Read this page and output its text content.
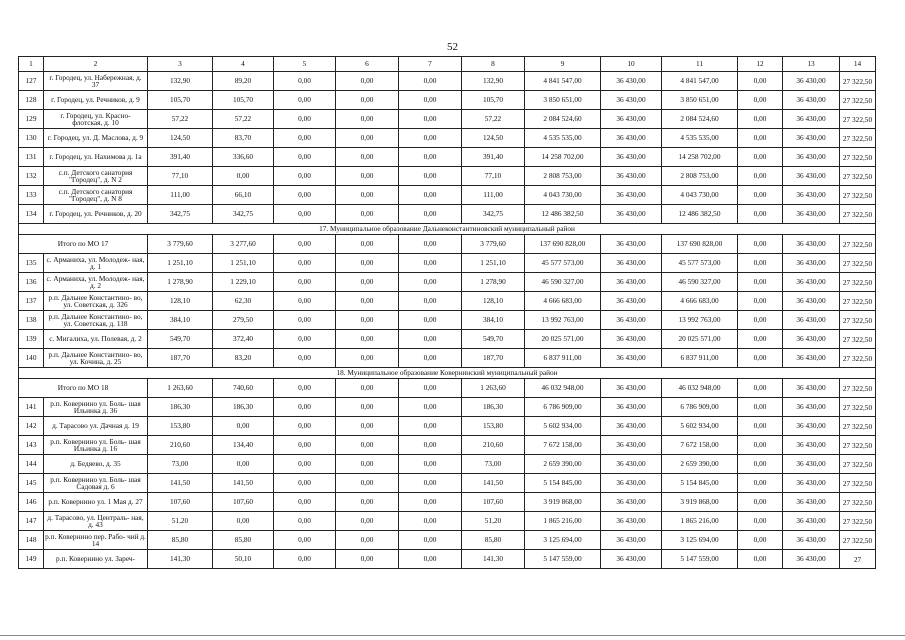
52
1	2	3	4	5	6	7	8	9	10	11	12	13	14
127	г. Городец, ул. Набережная, д. 37	132,90	89,20	0,00	0,00	0,00	132,90	4 841 547,00	36 430,00	4 841 547,00	0,00	36 430,00	27 322,50
128	г. Городец, ул. Речников, д. 9	105,70	105,70	0,00	0,00	0,00	105,70	3 850 651,00	36 430,00	3 850 651,00	0,00	36 430,00	27 322,50
129	г. Городец, ул. Красно- флотская, д. 10	57,22	57,22	0,00	0,00	0,00	57,22	2 084 524,60	36 430,00	2 084 524,60	0,00	36 430,00	27 322,50
130	г. Городец, ул. Д. Маслова, д. 9	124,50	83,70	0,00	0,00	0,00	124,50	4 535 535,00	36 430,00	4 535 535,00	0,00	36 430,00	27 322,50
131	г. Городец, ул. Нахимова д. 1а	391,40	336,60	0,00	0,00	0,00	391,40	14 258 702,00	36 430,00	14 258 702,00	0,00	36 430,00	27 322,50
132	с.п. Детского санатория "Городец", д. N 2	77,10	0,00	0,00	0,00	0,00	77,10	2 808 753,00	36 430,00	2 808 753,00	0,00	36 430,00	27 322,50
133	с.п. Детского санатория "Городец", д. N 8	111,00	66,10	0,00	0,00	0,00	111,00	4 043 730,00	36 430,00	4 043 730,00	0,00	36 430,00	27 322,50
134	г. Городец, ул. Речников, д. 20	342,75	342,75	0,00	0,00	0,00	342,75	12 486 382,50	36 430,00	12 486 382,50	0,00	36 430,00	27 322,50
17. Муниципальное образование Дальнеконстантиновский муниципальный район													
Итого по МО 17		3 779,60	3 277,60	0,00	0,00	0,00	3 779,60	137 690 828,00	36 430,00	137 690 828,00	0,00	36 430,00	27 322,50
135	с. Арманиха, ул. Молодеж- ная, д. 1	1 251,10	1 251,10	0,00	0,00	0,00	1 251,10	45 577 573,00	36 430,00	45 577 573,00	0,00	36 430,00	27 322,50
136	с. Арманиха, ул. Молодеж- ная, д. 2	1 278,90	1 229,10	0,00	0,00	0,00	1 278,90	46 590 327,00	36 430,00	46 590 327,00	0,00	36 430,00	27 322,50
137	р.п. Дальнее Константино- во, ул. Советская, д. 326	128,10	62,30	0,00	0,00	0,00	128,10	4 666 683,00	36 430,00	4 666 683,00	0,00	36 430,00	27 322,50
138	р.п. Дальнее Константино- во, ул. Советская, д. 118	384,10	279,50	0,00	0,00	0,00	384,10	13 992 763,00	36 430,00	13 992 763,00	0,00	36 430,00	27 322,50
139	с. Мигалиха, ул. Полевая, д. 2	549,70	372,40	0,00	0,00	0,00	549,70	20 025 571,00	36 430,00	20 025 571,00	0,00	36 430,00	27 322,50
140	р.п. Дальнее Константино- во, ул. Кочина, д. 25	187,70	83,20	0,00	0,00	0,00	187,70	6 837 911,00	36 430,00	6 837 911,00	0,00	36 430,00	27 322,50
18. Муниципальное образование Ковернинский муниципальный район													
Итого по МО 18		1 263,60	740,60	0,00	0,00	0,00	1 263,60	46 032 948,00	36 430,00	46 032 948,00	0,00	36 430,00	27 322,50
141	р.п. Ковернино ул. Боль- шая Ильинка д. 36	186,30	186,30	0,00	0,00	0,00	186,30	6 786 909,00	36 430,00	6 786 909,00	0,00	36 430,00	27 322,50
142	д. Тарасово ул. Дачная д. 19	153,80	0,00	0,00	0,00	0,00	153,80	5 602 934,00	36 430,00	5 602 934,00	0,00	36 430,00	27 322,50
143	р.п. Ковернино ул. Боль- шая Ильинка д. 16	210,60	134,40	0,00	0,00	0,00	210,60	7 672 158,00	36 430,00	7 672 158,00	0,00	36 430,00	27 322,50
144	д. Бедяево, д. 35	73,00	0,00	0,00	0,00	0,00	73,00	2 659 390,00	36 430,00	2 659 390,00	0,00	36 430,00	27 322,50
145	р.п. Ковернино ул. Боль- шая Садовая д. 6	141,50	141,50	0,00	0,00	0,00	141,50	5 154 845,00	36 430,00	5 154 845,00	0,00	36 430,00	27 322,50
146	р.п. Ковернино ул. 1 Мая д. 27	107,60	107,60	0,00	0,00	0,00	107,60	3 919 868,00	36 430,00	3 919 868,00	0,00	36 430,00	27 322,50
147	д. Тарасово, ул. Централь- ная, д. 43	51,20	0,00	0,00	0,00	0,00	51,20	1 865 216,00	36 430,00	1 865 216,00	0,00	36 430,00	27 322,50
148	р.п. Ковернино пер. Рабо- чий д. 14	85,80	85,80	0,00	0,00	0,00	85,80	3 125 694,00	36 430,00	3 125 694,00	0,00	36 430,00	27 322,50
149	р.п. Ковернино ул. Зареч-	141,30	50,10	0,00	0,00	0,00	141,30	5 147 559,00	36 430,00	5 147 559,00	0,00	36 430,00	27
